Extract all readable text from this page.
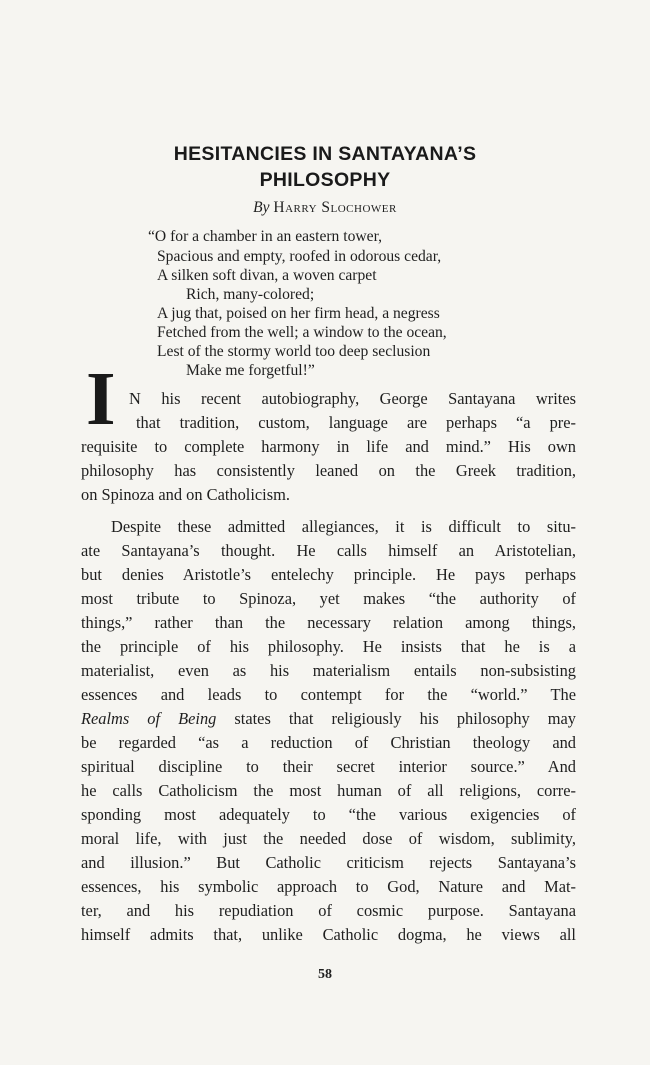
HESITANCIES IN SANTAYANA’S
PHILOSOPHY
By Harry Slochower
“O for a chamber in an eastern tower,
Spacious and empty, roofed in odorous cedar,
A silken soft divan, a woven carpet
Rich, many-colored;
A jug that, poised on her firm head, a negress
Fetched from the well; a window to the ocean,
Lest of the stormy world too deep seclusion
Make me forgetful!”
I N his recent autobiography, George Santayana writes
that tradition, custom, language are perhaps “a pre-
requisite to complete harmony in life and mind.” His own
philosophy has consistently leaned on the Greek tradition,
on Spinoza and on Catholicism.
Despite these admitted allegiances, it is difficult to situ-
ate Santayana’s thought. He calls himself an Aristotelian,
but denies Aristotle’s entelechy principle. He pays perhaps
most tribute to Spinoza, yet makes “the authority of
things,” rather than the necessary relation among things,
the principle of his philosophy. He insists that he is a
materialist, even as his materialism entails non-subsisting
essences and leads to contempt for the “world.” The
Realms of Being states that religiously his philosophy may
be regarded “as a reduction of Christian theology and
spiritual discipline to their secret interior source.” And
he calls Catholicism the most human of all religions, corre-
sponding most adequately to “the various exigencies of
moral life, with just the needed dose of wisdom, sublimity,
and illusion.” But Catholic criticism rejects Santayana’s
essences, his symbolic approach to God, Nature and Mat-
ter, and his repudiation of cosmic purpose. Santayana
himself admits that, unlike Catholic dogma, he views all
58
